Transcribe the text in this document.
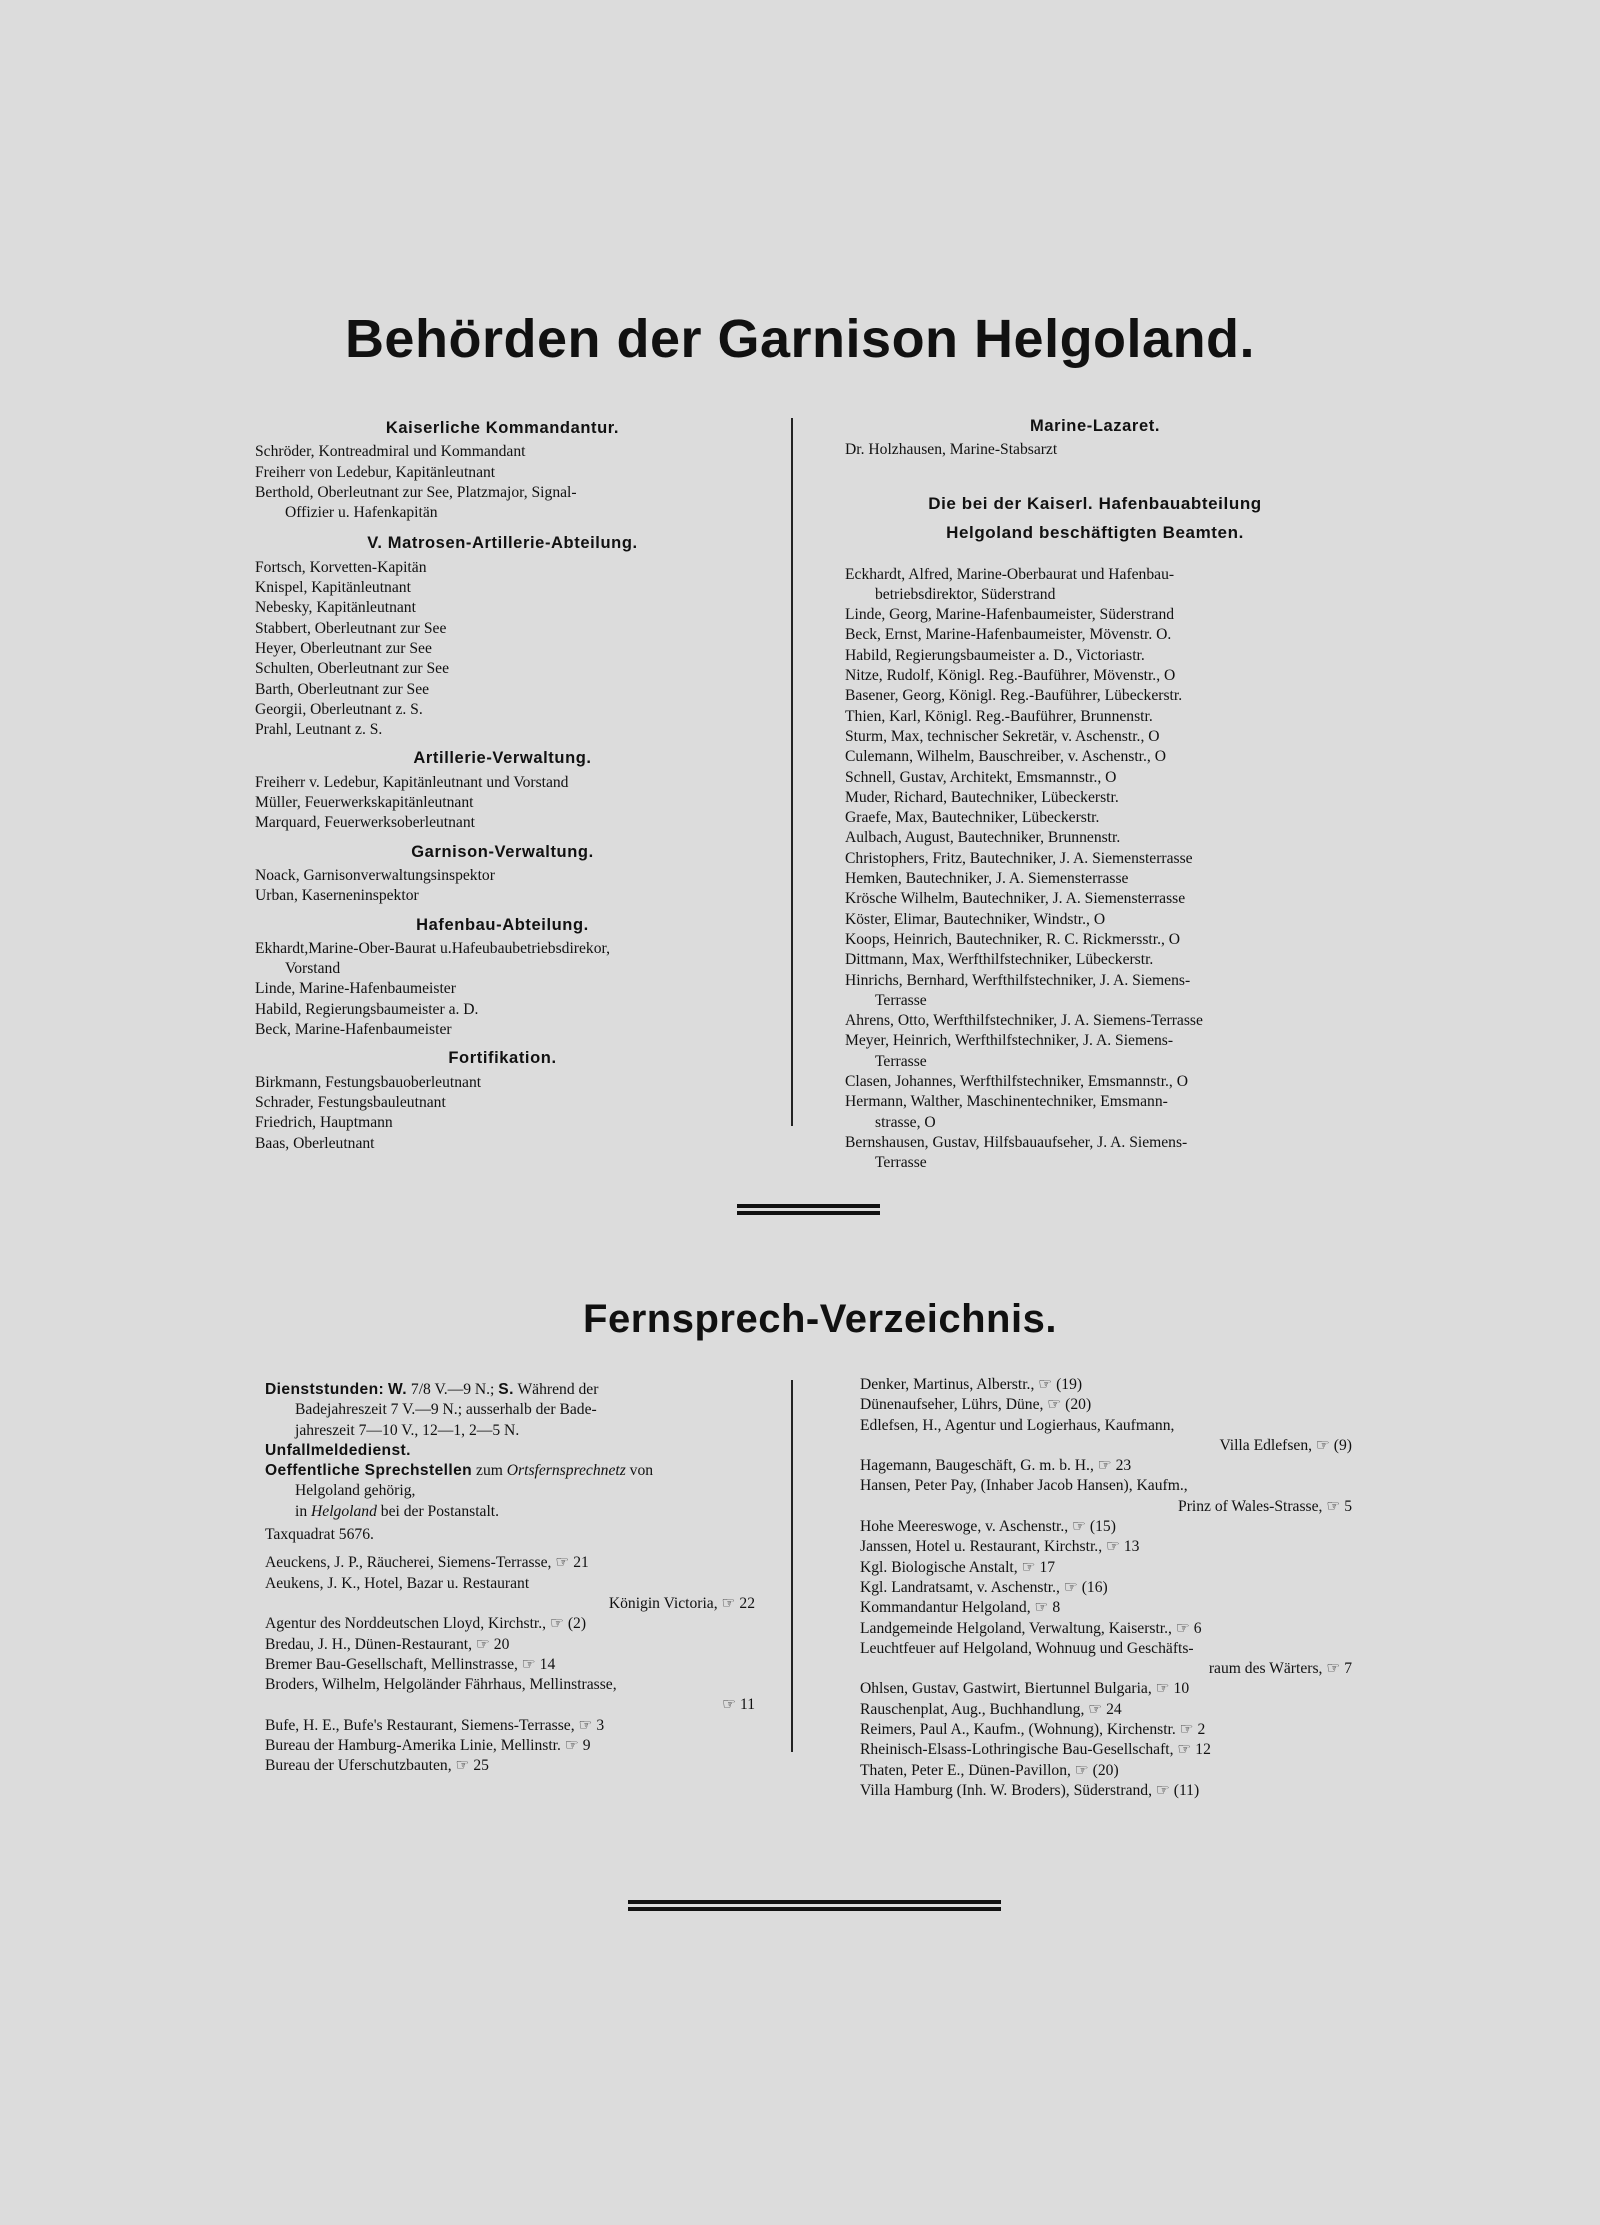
Behörden der Garnison Helgoland.
Kaiserliche Kommandantur.
Schröder, Kontreadmiral und Kommandant
Freiherr von Ledebur, Kapitänleutnant
Berthold, Oberleutnant zur See, Platzmajor, Signal-
Offizier u. Hafenkapitän
V. Matrosen-Artillerie-Abteilung.
Fortsch, Korvetten-Kapitän
Knispel, Kapitänleutnant
Nebesky, Kapitänleutnant
Stabbert, Oberleutnant zur See
Heyer, Oberleutnant zur See
Schulten, Oberleutnant zur See
Barth, Oberleutnant zur See
Georgii, Oberleutnant z. S.
Prahl, Leutnant z. S.
Artillerie-Verwaltung.
Freiherr v. Ledebur, Kapitänleutnant und Vorstand
Müller, Feuerwerkskapitänleutnant
Marquard, Feuerwerksoberleutnant
Garnison-Verwaltung.
Noack, Garnisonverwaltungsinspektor
Urban, Kaserneninspektor
Hafenbau-Abteilung.
Ekhardt,Marine-Ober-Baurat u.Hafeubaubetriebsdirekor,
Vorstand
Linde, Marine-Hafenbaumeister
Habild, Regierungsbaumeister a. D.
Beck, Marine-Hafenbaumeister
Fortifikation.
Birkmann, Festungsbauoberleutnant
Schrader, Festungsbauleutnant
Friedrich, Hauptmann
Baas, Oberleutnant
Marine-Lazaret.
Dr. Holzhausen, Marine-Stabsarzt
Die bei der Kaiserl. Hafenbauabteilung
Helgoland beschäftigten Beamten.
Eckhardt, Alfred, Marine-Oberbaurat und Hafenbau-
betriebsdirektor, Süderstrand
Linde, Georg, Marine-Hafenbaumeister, Süderstrand
Beck, Ernst, Marine-Hafenbaumeister, Mövenstr. O.
Habild, Regierungsbaumeister a. D., Victoriastr.
Nitze, Rudolf, Königl. Reg.-Bauführer, Mövenstr., O
Basener, Georg, Königl. Reg.-Bauführer, Lübeckerstr.
Thien, Karl, Königl. Reg.-Bauführer, Brunnenstr.
Sturm, Max, technischer Sekretär, v. Aschenstr., O
Culemann, Wilhelm, Bauschreiber, v. Aschenstr., O
Schnell, Gustav, Architekt, Emsmannstr., O
Muder, Richard, Bautechniker, Lübeckerstr.
Graefe, Max, Bautechniker, Lübeckerstr.
Aulbach, August, Bautechniker, Brunnenstr.
Christophers, Fritz, Bautechniker, J. A. Siemensterrasse
Hemken, Bautechniker, J. A. Siemensterrasse
Krösche Wilhelm, Bautechniker, J. A. Siemensterrasse
Köster, Elimar, Bautechniker, Windstr., O
Koops, Heinrich, Bautechniker, R. C. Rickmersstr., O
Dittmann, Max, Werfthilfstechniker, Lübeckerstr.
Hinrichs, Bernhard, Werfthilfstechniker, J. A. Siemens-
Terrasse
Ahrens, Otto, Werfthilfstechniker, J. A. Siemens-Terrasse
Meyer, Heinrich, Werfthilfstechniker, J. A. Siemens-
Terrasse
Clasen, Johannes, Werfthilfstechniker, Emsmannstr., O
Hermann, Walther, Maschinentechniker, Emsmann-
strasse, O
Bernshausen, Gustav, Hilfsbauaufseher, J. A. Siemens-
Terrasse
Fernsprech-Verzeichnis.
Dienststunden: W. 7/8 V.—9 N.; S. Während der
Badejahreszeit 7 V.—9 N.; ausserhalb der Bade-
jahreszeit 7—10 V., 12—1, 2—5 N.
Unfallmeldedienst.
Oeffentliche Sprechstellen zum Ortsfernsprechnetz von
Helgoland gehörig,
in Helgoland bei der Postanstalt.
Taxquadrat 5676.
Aeuckens, J. P., Räucherei, Siemens-Terrasse, ☞ 21
Aeukens, J. K., Hotel, Bazar u. Restaurant
Königin Victoria, ☞ 22
Agentur des Norddeutschen Lloyd, Kirchstr., ☞ (2)
Bredau, J. H., Dünen-Restaurant, ☞ 20
Bremer Bau-Gesellschaft, Mellinstrasse, ☞ 14
Broders, Wilhelm, Helgoländer Fährhaus, Mellinstrasse,
☞ 11
Bufe, H. E., Bufe's Restaurant, Siemens-Terrasse, ☞ 3
Bureau der Hamburg-Amerika Linie, Mellinstr. ☞ 9
Bureau der Uferschutzbauten, ☞ 25
Denker, Martinus, Alberstr., ☞ (19)
Dünenaufseher, Lührs, Düne, ☞ (20)
Edlefsen, H., Agentur und Logierhaus, Kaufmann,
Villa Edlefsen, ☞ (9)
Hagemann, Baugeschäft, G. m. b. H., ☞ 23
Hansen, Peter Pay, (Inhaber Jacob Hansen), Kaufm.,
Prinz of Wales-Strasse, ☞ 5
Hohe Meereswoge, v. Aschenstr., ☞ (15)
Janssen, Hotel u. Restaurant, Kirchstr., ☞ 13
Kgl. Biologische Anstalt, ☞ 17
Kgl. Landratsamt, v. Aschenstr., ☞ (16)
Kommandantur Helgoland, ☞ 8
Landgemeinde Helgoland, Verwaltung, Kaiserstr., ☞ 6
Leuchtfeuer auf Helgoland, Wohnuug und Geschäfts-
raum des Wärters, ☞ 7
Ohlsen, Gustav, Gastwirt, Biertunnel Bulgaria, ☞ 10
Rauschenplat, Aug., Buchhandlung, ☞ 24
Reimers, Paul A., Kaufm., (Wohnung), Kirchenstr. ☞ 2
Rheinisch-Elsass-Lothringische Bau-Gesellschaft, ☞ 12
Thaten, Peter E., Dünen-Pavillon, ☞ (20)
Villa Hamburg (Inh. W. Broders), Süderstrand, ☞ (11)
